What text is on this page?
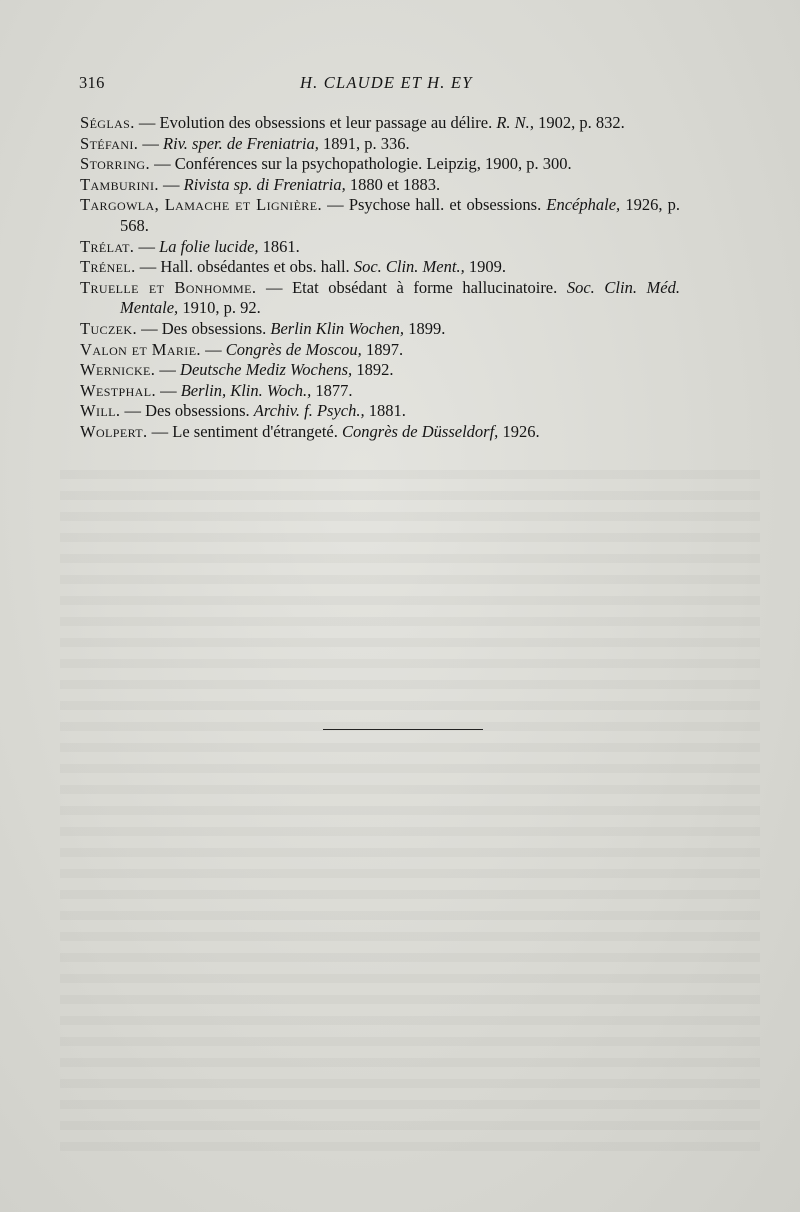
316	H. CLAUDE ET H. EY
Séglas. — Evolution des obsessions et leur passage au délire. R. N., 1902, p. 832.
Stéfani. — Riv. sper. de Freniatria, 1891, p. 336.
Storring. — Conférences sur la psychopathologie. Leipzig, 1900, p. 300.
Tamburini. — Rivista sp. di Freniatria, 1880 et 1883.
Targowla, Lamache et Lignière. — Psychose hall. et obsessions. Encéphale, 1926, p. 568.
Trélat. — La folie lucide, 1861.
Trénel. — Hall. obsédantes et obs. hall. Soc. Clin. Ment., 1909.
Truelle et Bonhomme. — Etat obsédant à forme hallucinatoire. Soc. Clin. Méd. Mentale, 1910, p. 92.
Tuczek. — Des obsessions. Berlin Klin Wochen, 1899.
Valon et Marie. — Congrès de Moscou, 1897.
Wernicke. — Deutsche Mediz Wochens, 1892.
Westphal. — Berlin, Klin. Woch., 1877.
Will. — Des obsessions. Archiv. f. Psych., 1881.
Wolpert. — Le sentiment d'étrangeté. Congrès de Düsseldorf, 1926.
